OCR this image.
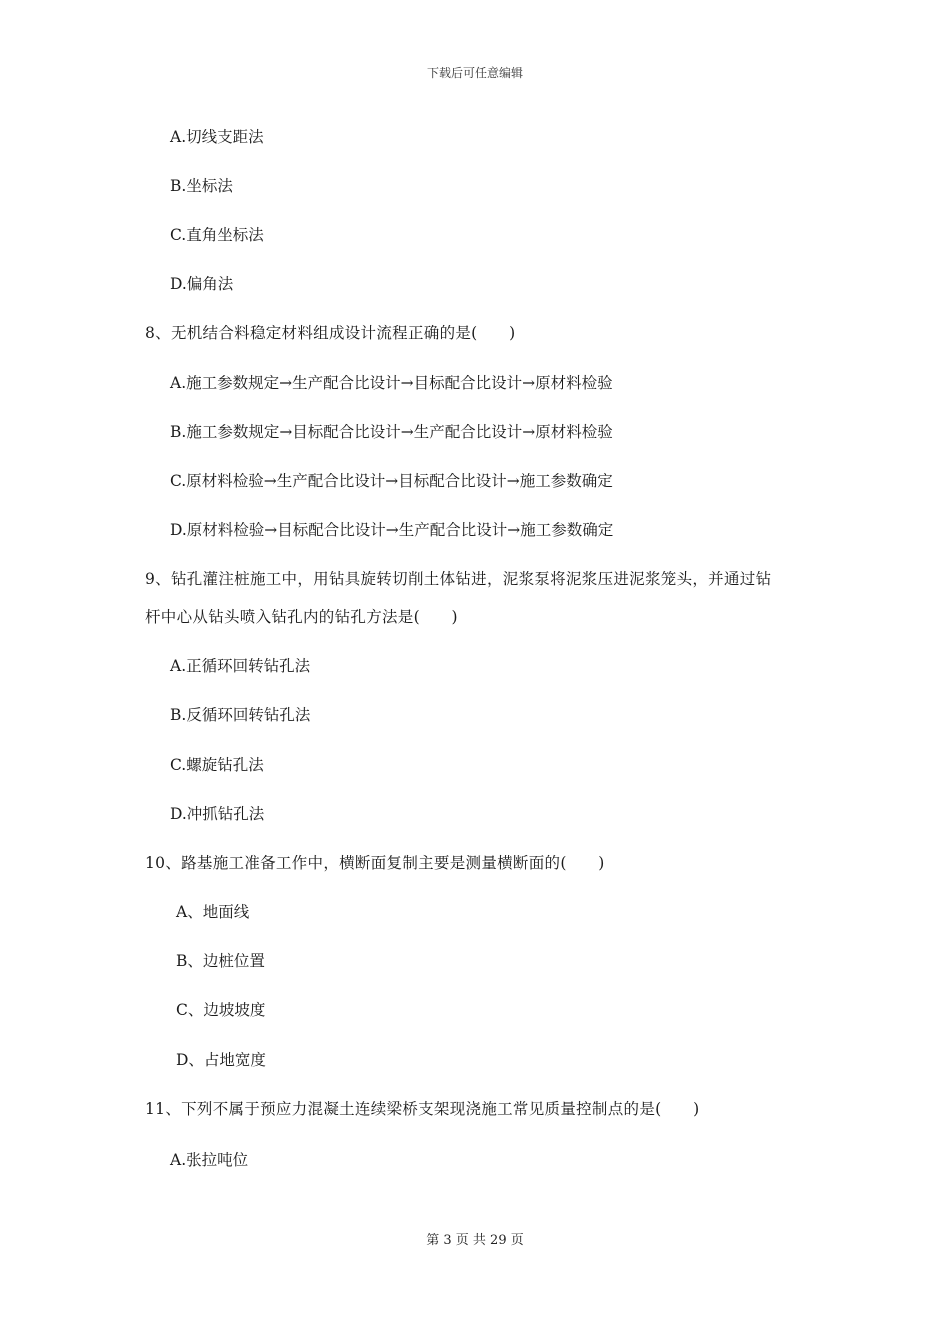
下载后可任意编辑
A.切线支距法
B.坐标法
C.直角坐标法
D.偏角法
8、无机结合料稳定材料组成设计流程正确的是(　　)
A.施工参数规定→生产配合比设计→目标配合比设计→原材料检验
B.施工参数规定→目标配合比设计→生产配合比设计→原材料检验
C.原材料检验→生产配合比设计→目标配合比设计→施工参数确定
D.原材料检验→目标配合比设计→生产配合比设计→施工参数确定
9、钻孔灌注桩施工中，用钻具旋转切削土体钻进，泥浆泵将泥浆压进泥浆笼头，并通过钻
杆中心从钻头喷入钻孔内的钻孔方法是(　　)
A.正循环回转钻孔法
B.反循环回转钻孔法
C.螺旋钻孔法
D.冲抓钻孔法
10、路基施工准备工作中，横断面复制主要是测量横断面的(　　)
A、地面线
B、边桩位置
C、边坡坡度
D、占地宽度
11、下列不属于预应力混凝土连续梁桥支架现浇施工常见质量控制点的是(　　)
A.张拉吨位
第 3 页 共 29 页
